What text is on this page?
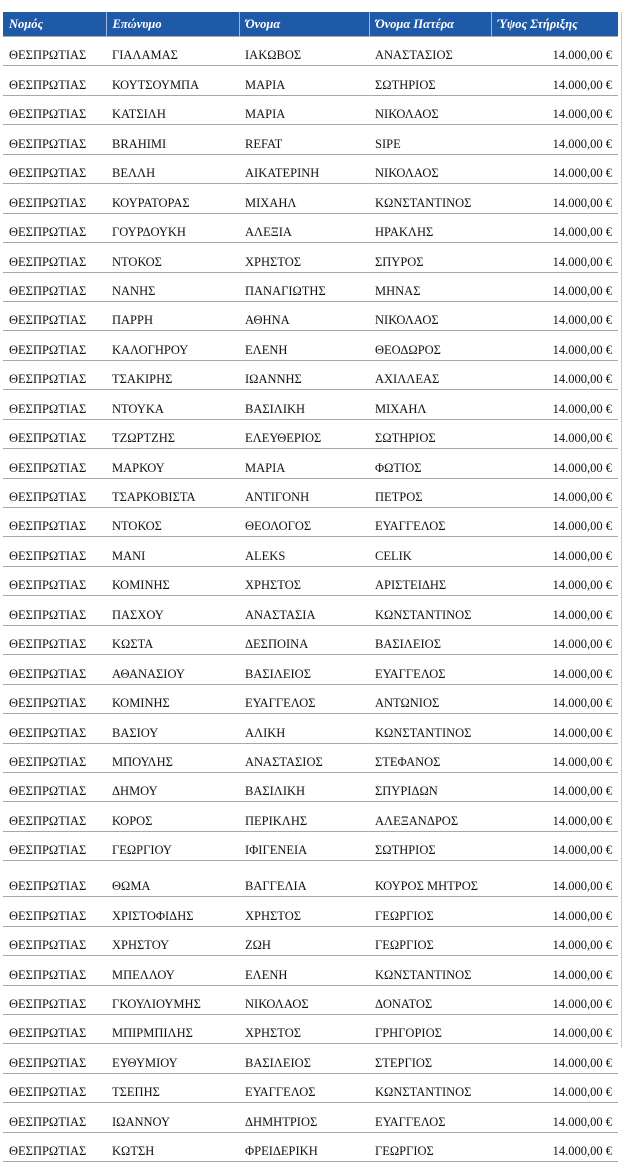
Νομός	Επώνυμο	Όνομα	Όνομα Πατέρα	Ύψος Στήριξης
ΘΕΣΠΡΩΤΙΑΣ	ΓΙΑΛΑΜΑΣ	ΙΑΚΩΒΟΣ	ΑΝΑΣΤΑΣΙΟΣ	14.000,00 €
ΘΕΣΠΡΩΤΙΑΣ	ΚΟΥΤΣΟΥΜΠΑ	ΜΑΡΙΑ	ΣΩΤΗΡΙΟΣ	14.000,00 €
ΘΕΣΠΡΩΤΙΑΣ	ΚΑΤΣΙΛΗ	ΜΑΡΙΑ	ΝΙΚΟΛΑΟΣ	14.000,00 €
ΘΕΣΠΡΩΤΙΑΣ	BRAHIMI	REFAT	SIPE	14.000,00 €
ΘΕΣΠΡΩΤΙΑΣ	ΒΕΛΛΗ	ΑΙΚΑΤΕΡΙΝΗ	ΝΙΚΟΛΑΟΣ	14.000,00 €
ΘΕΣΠΡΩΤΙΑΣ	ΚΟΥΡΑΤΟΡΑΣ	ΜΙΧΑΗΛ	ΚΩΝΣΤΑΝΤΙΝΟΣ	14.000,00 €
ΘΕΣΠΡΩΤΙΑΣ	ΓΟΥΡΔΟΥΚΗ	ΑΛΕΞΙΑ	ΗΡΑΚΛΗΣ	14.000,00 €
ΘΕΣΠΡΩΤΙΑΣ	ΝΤΟΚΟΣ	ΧΡΗΣΤΟΣ	ΣΠΥΡΟΣ	14.000,00 €
ΘΕΣΠΡΩΤΙΑΣ	ΝΑΝΗΣ	ΠΑΝΑΓΙΩΤΗΣ	ΜΗΝΑΣ	14.000,00 €
ΘΕΣΠΡΩΤΙΑΣ	ΠΑΡΡΗ	ΑΘΗΝΑ	ΝΙΚΟΛΑΟΣ	14.000,00 €
ΘΕΣΠΡΩΤΙΑΣ	ΚΑΛΟΓΗΡΟΥ	ΕΛΕΝΗ	ΘΕΟΔΩΡΟΣ	14.000,00 €
ΘΕΣΠΡΩΤΙΑΣ	ΤΣΑΚΙΡΗΣ	ΙΩΑΝΝΗΣ	ΑΧΙΛΛΕΑΣ	14.000,00 €
ΘΕΣΠΡΩΤΙΑΣ	ΝΤΟΥΚΑ	ΒΑΣΙΛΙΚΗ	ΜΙΧΑΗΛ	14.000,00 €
ΘΕΣΠΡΩΤΙΑΣ	ΤΖΩΡΤΖΗΣ	ΕΛΕΥΘΕΡΙΟΣ	ΣΩΤΗΡΙΟΣ	14.000,00 €
ΘΕΣΠΡΩΤΙΑΣ	ΜΑΡΚΟΥ	ΜΑΡΙΑ	ΦΩΤΙΟΣ	14.000,00 €
ΘΕΣΠΡΩΤΙΑΣ	ΤΣΑΡΚΟΒΙΣΤΑ	ΑΝΤΙΓΟΝΗ	ΠΕΤΡΟΣ	14.000,00 €
ΘΕΣΠΡΩΤΙΑΣ	ΝΤΟΚΟΣ	ΘΕΟΛΟΓΟΣ	ΕΥΑΓΓΕΛΟΣ	14.000,00 €
ΘΕΣΠΡΩΤΙΑΣ	ΜΑΝΙ	ALEKS	CELIK	14.000,00 €
ΘΕΣΠΡΩΤΙΑΣ	ΚΟΜΙΝΗΣ	ΧΡΗΣΤΟΣ	ΑΡΙΣΤΕΙΔΗΣ	14.000,00 €
ΘΕΣΠΡΩΤΙΑΣ	ΠΑΣΧΟΥ	ΑΝΑΣΤΑΣΙΑ	ΚΩΝΣΤΑΝΤΙΝΟΣ	14.000,00 €
ΘΕΣΠΡΩΤΙΑΣ	ΚΩΣΤΑ	ΔΕΣΠΟΙΝΑ	ΒΑΣΙΛΕΙΟΣ	14.000,00 €
ΘΕΣΠΡΩΤΙΑΣ	ΑΘΑΝΑΣΙΟΥ	ΒΑΣΙΛΕΙΟΣ	ΕΥΑΓΓΕΛΟΣ	14.000,00 €
ΘΕΣΠΡΩΤΙΑΣ	ΚΟΜΙΝΗΣ	ΕΥΑΓΓΕΛΟΣ	ΑΝΤΩΝΙΟΣ	14.000,00 €
ΘΕΣΠΡΩΤΙΑΣ	ΒΑΣΙΟΥ	ΑΛΙΚΗ	ΚΩΝΣΤΑΝΤΙΝΟΣ	14.000,00 €
ΘΕΣΠΡΩΤΙΑΣ	ΜΠΟΥΛΗΣ	ΑΝΑΣΤΑΣΙΟΣ	ΣΤΕΦΑΝΟΣ	14.000,00 €
ΘΕΣΠΡΩΤΙΑΣ	ΔΗΜΟΥ	ΒΑΣΙΛΙΚΗ	ΣΠΥΡΙΔΩΝ	14.000,00 €
ΘΕΣΠΡΩΤΙΑΣ	ΚΟΡΟΣ	ΠΕΡΙΚΛΗΣ	ΑΛΕΞΑΝΔΡΟΣ	14.000,00 €
ΘΕΣΠΡΩΤΙΑΣ	ΓΕΩΡΓΙΟΥ	ΙΦΙΓΕΝΕΙΑ	ΣΩΤΗΡΙΟΣ	14.000,00 €
ΘΕΣΠΡΩΤΙΑΣ	ΘΩΜΑ	ΒΑΓΓΕΛΙΑ	ΚΟΥΡΟΣ ΜΗΤΡΟΣ	14.000,00 €
ΘΕΣΠΡΩΤΙΑΣ	ΧΡΙΣΤΟΦΙΔΗΣ	ΧΡΗΣΤΟΣ	ΓΕΩΡΓΙΟΣ	14.000,00 €
ΘΕΣΠΡΩΤΙΑΣ	ΧΡΗΣΤΟΥ	ΖΩΗ	ΓΕΩΡΓΙΟΣ	14.000,00 €
ΘΕΣΠΡΩΤΙΑΣ	ΜΠΕΛΛΟΥ	ΕΛΕΝΗ	ΚΩΝΣΤΑΝΤΙΝΟΣ	14.000,00 €
ΘΕΣΠΡΩΤΙΑΣ	ΓΚΟΥΛΙΟΥΜΗΣ	ΝΙΚΟΛΑΟΣ	ΔΟΝΑΤΟΣ	14.000,00 €
ΘΕΣΠΡΩΤΙΑΣ	ΜΠΙΡΜΠΙΛΗΣ	ΧΡΗΣΤΟΣ	ΓΡΗΓΟΡΙΟΣ	14.000,00 €
ΘΕΣΠΡΩΤΙΑΣ	ΕΥΘΥΜΙΟΥ	ΒΑΣΙΛΕΙΟΣ	ΣΤΕΡΓΙΟΣ	14.000,00 €
ΘΕΣΠΡΩΤΙΑΣ	ΤΣΕΠΗΣ	ΕΥΑΓΓΕΛΟΣ	ΚΩΝΣΤΑΝΤΙΝΟΣ	14.000,00 €
ΘΕΣΠΡΩΤΙΑΣ	ΙΩΑΝΝΟΥ	ΔΗΜΗΤΡΙΟΣ	ΕΥΑΓΓΕΛΟΣ	14.000,00 €
ΘΕΣΠΡΩΤΙΑΣ	ΚΩΤΣΗ	ΦΡΕΙΔΕΡΙΚΗ	ΓΕΩΡΓΙΟΣ	14.000,00 €
